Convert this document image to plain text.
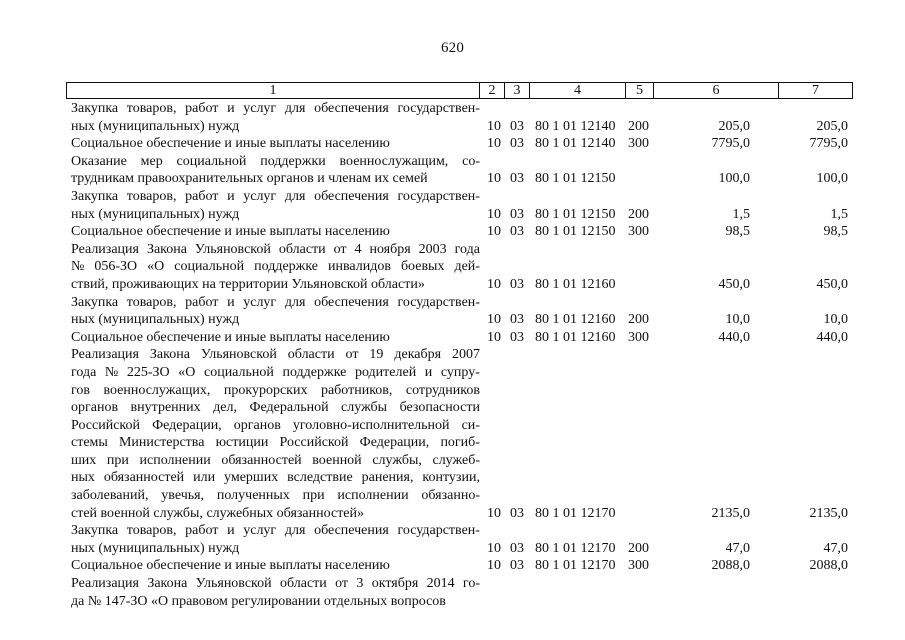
620
1	2	3	4	5	6	7
Закупка товаров, работ и услуг для обеспечения государствен-
ных (муниципальных) нужд	10 03 80 1 01 12140 200	205,0	205,0
Социальное обеспечение и иные выплаты населению	10 03 80 1 01 12140 300	7795,0	7795,0
Оказание мер социальной поддержки военнослужащим, со-
трудникам правоохранительных органов и членам их семей	10 03 80 1 01 12150	100,0	100,0
Закупка товаров, работ и услуг для обеспечения государствен-
ных (муниципальных) нужд	10 03 80 1 01 12150 200	1,5	1,5
Социальное обеспечение и иные выплаты населению	10 03 80 1 01 12150 300	98,5	98,5
Реализация Закона Ульяновской области от 4 ноября 2003 года
№ 056-ЗО «О социальной поддержке инвалидов боевых дей-
ствий, проживающих на территории Ульяновской области»	10 03 80 1 01 12160	450,0	450,0
Закупка товаров, работ и услуг для обеспечения государствен-
ных (муниципальных) нужд	10 03 80 1 01 12160 200	10,0	10,0
Социальное обеспечение и иные выплаты населению	10 03 80 1 01 12160 300	440,0	440,0
Реализация Закона Ульяновской области от 19 декабря 2007
года № 225-ЗО «О социальной поддержке родителей и супру-
гов военнослужащих, прокурорских работников, сотрудников
органов внутренних дел, Федеральной службы безопасности
Российской Федерации, органов уголовно-исполнительной си-
стемы Министерства юстиции Российской Федерации, погиб-
ших при исполнении обязанностей военной службы, служеб-
ных обязанностей или умерших вследствие ранения, контузии,
заболеваний, увечья, полученных при исполнении обязанно-
стей военной службы, служебных обязанностей»	10 03 80 1 01 12170	2135,0	2135,0
Закупка товаров, работ и услуг для обеспечения государствен-
ных (муниципальных) нужд	10 03 80 1 01 12170 200	47,0	47,0
Социальное обеспечение и иные выплаты населению	10 03 80 1 01 12170 300	2088,0	2088,0
Реализация Закона Ульяновской области от 3 октября 2014 го-
да № 147-ЗО «О правовом регулировании отдельных вопросов
